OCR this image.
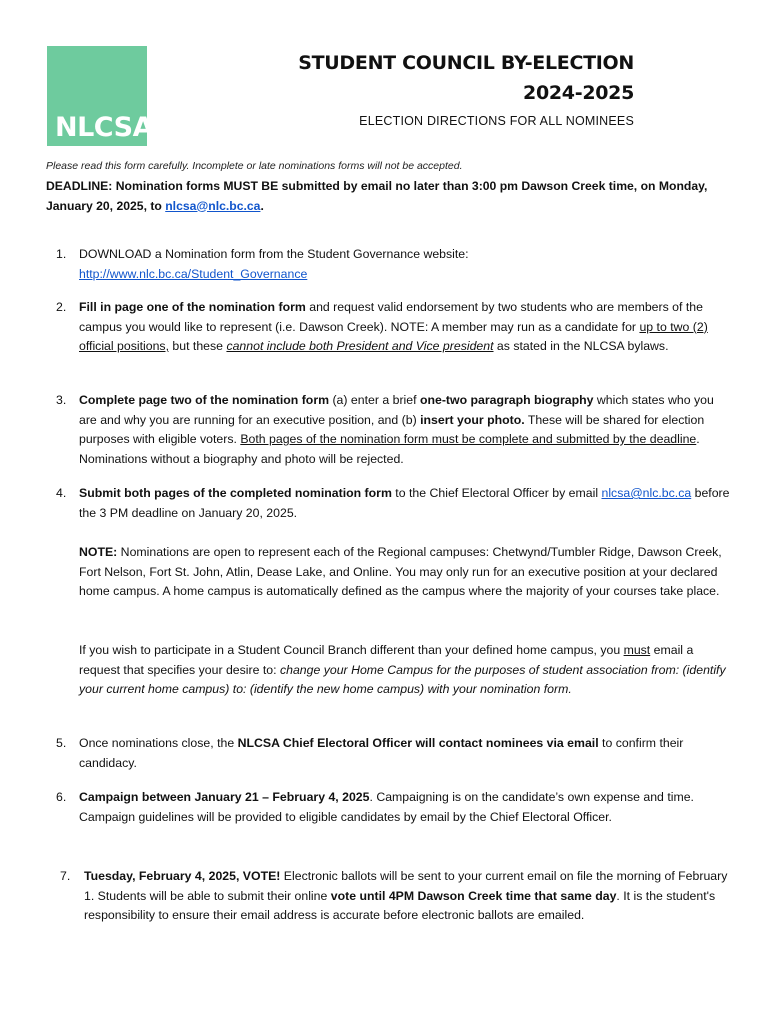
NLCSA
STUDENT COUNCIL BY-ELECTION
2024-2025
ELECTION DIRECTIONS FOR ALL NOMINEES
Please read this form carefully. Incomplete or late nominations forms will not be accepted.
DEADLINE: Nomination forms MUST BE submitted by email no later than 3:00 pm Dawson Creek time, on Monday, January 20, 2025, to nlcsa@nlc.bc.ca.
1. DOWNLOAD a Nomination form from the Student Governance website:
http://www.nlc.bc.ca/Student_Governance
2. Fill in page one of the nomination form and request valid endorsement by two students who are members of the campus you would like to represent (i.e. Dawson Creek). NOTE: A member may run as a candidate for up to two (2) official positions, but these cannot include both President and Vice president as stated in the NLCSA bylaws.
3. Complete page two of the nomination form (a) enter a brief one-two paragraph biography which states who you are and why you are running for an executive position, and (b) insert your photo. These will be shared for election purposes with eligible voters. Both pages of the nomination form must be complete and submitted by the deadline. Nominations without a biography and photo will be rejected.
4. Submit both pages of the completed nomination form to the Chief Electoral Officer by email nlcsa@nlc.bc.ca before the 3 PM deadline on January 20, 2025.
NOTE: Nominations are open to represent each of the Regional campuses: Chetwynd/Tumbler Ridge, Dawson Creek, Fort Nelson, Fort St. John, Atlin, Dease Lake, and Online. You may only run for an executive position at your declared home campus. A home campus is automatically defined as the campus where the majority of your courses take place.
If you wish to participate in a Student Council Branch different than your defined home campus, you must email a request that specifies your desire to: change your Home Campus for the purposes of student association from: (identify your current home campus) to: (identify the new home campus) with your nomination form.
5. Once nominations close, the NLCSA Chief Electoral Officer will contact nominees via email to confirm their candidacy.
6. Campaign between January 21 – February 4, 2025. Campaigning is on the candidate’s own expense and time. Campaign guidelines will be provided to eligible candidates by email by the Chief Electoral Officer.
7. Tuesday, February 4, 2025, VOTE! Electronic ballots will be sent to your current email on file the morning of February 1. Students will be able to submit their online vote until 4PM Dawson Creek time that same day. It is the student's responsibility to ensure their email address is accurate before electronic ballots are emailed.
